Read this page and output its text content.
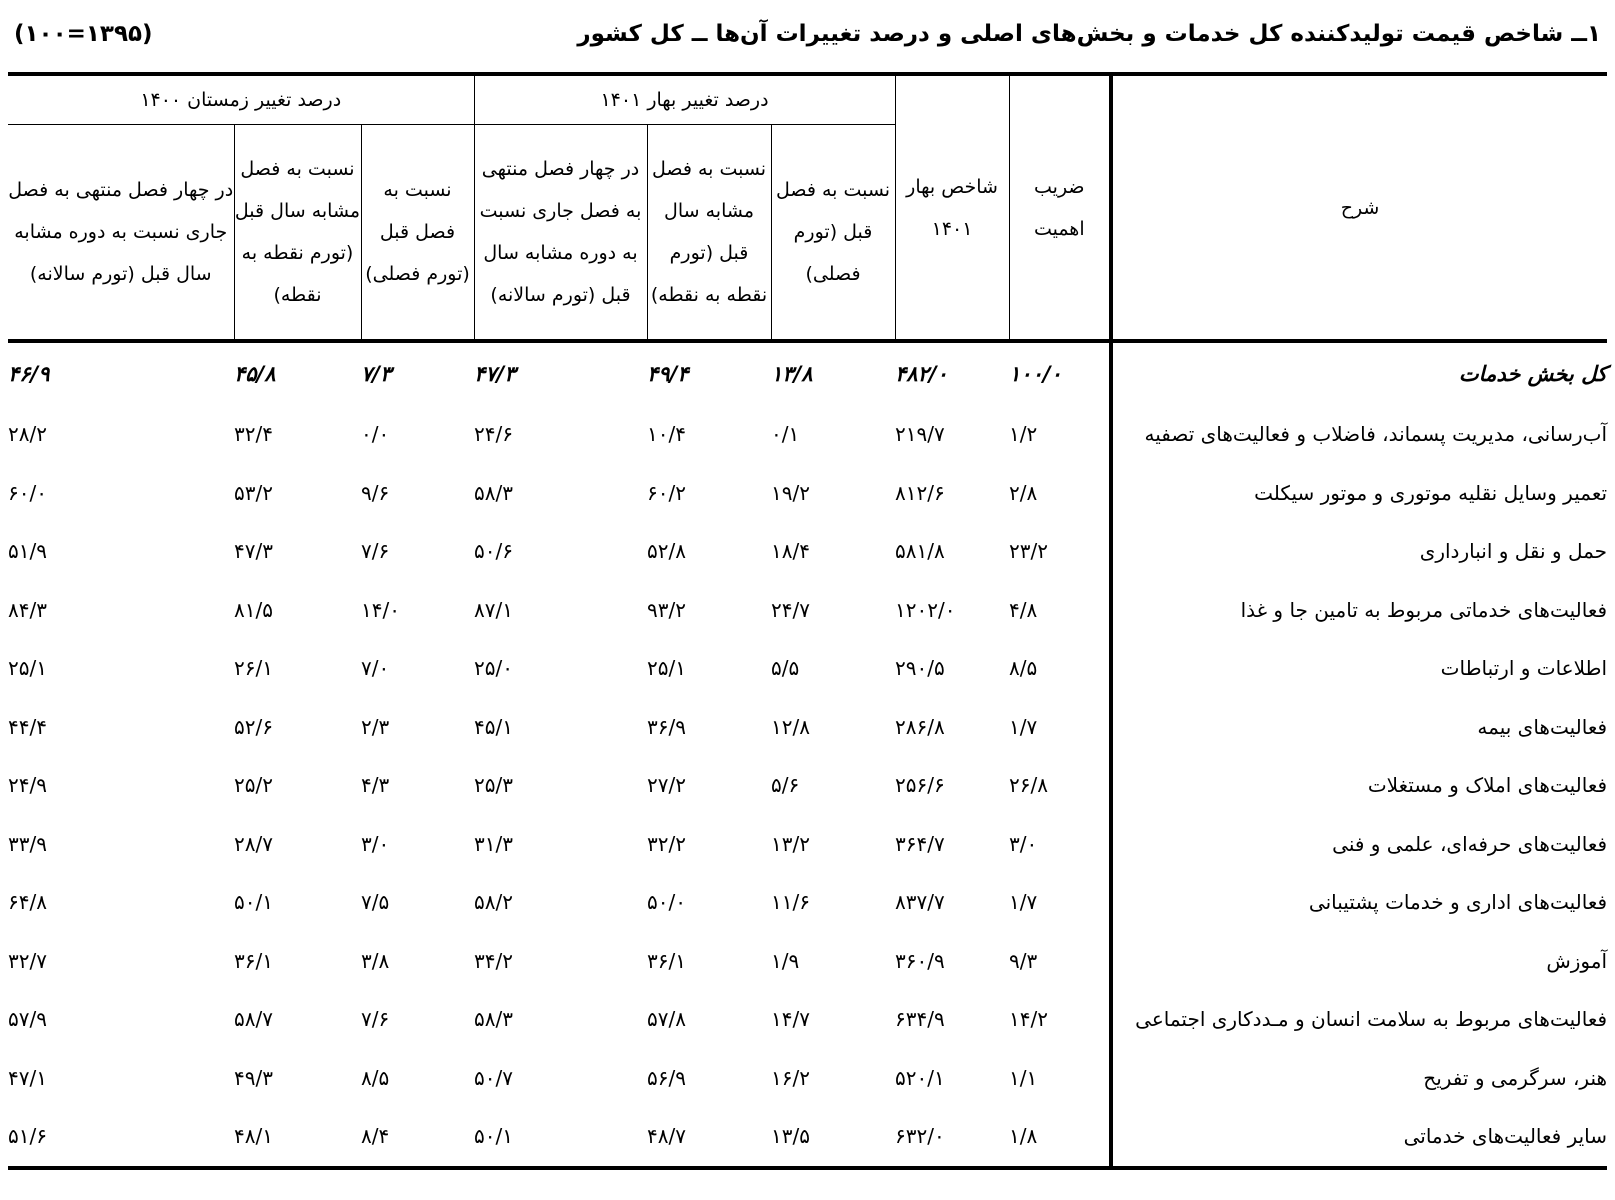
۱ــ شاخص قیمت تولیدکننده کل خدمات و بخش‌های اصلی و درصد تغییرات آن‌ها ــ کل کشور
(۱۰۰=۱۳۹۵)
شرح	ضریب اهمیت	شاخص بهار ۱۴۰۱	درصد تغییر بهار ۱۴۰۱			درصد تغییر زمستان ۱۴۰۰		
			نسبت به فصل قبل (تورم فصلی)	نسبت به فصل مشابه سال قبل (تورم نقطه به نقطه)	در چهار فصل منتهی به فصل جاری نسبت به دوره مشابه سال قبل (تورم سالانه)	نسبت به فصل قبل (تورم فصلی)	نسبت به فصل مشابه سال قبل (تورم نقطه به نقطه)	در چهار فصل منتهی به فصل جاری نسبت به دوره مشابه سال قبل (تورم سالانه)
کل بخش خدمات	۱۰۰/۰	۴۸۲/۰	۱۳/۸	۴۹/۴	۴۷/۳	۷/۳	۴۵/۸	۴۶/۹
آب‌رسانی، مدیریت پسماند، فاضلاب و فعالیت‌های تصفیه	۱/۲	۲۱۹/۷	۰/۱	۱۰/۴	۲۴/۶	۰/۰	۳۲/۴	۲۸/۲
تعمیر وسایل نقلیه موتوری و موتور سیکلت	۲/۸	۸۱۲/۶	۱۹/۲	۶۰/۲	۵۸/۳	۹/۶	۵۳/۲	۶۰/۰
حمل و نقل و انبارداری	۲۳/۲	۵۸۱/۸	۱۸/۴	۵۲/۸	۵۰/۶	۷/۶	۴۷/۳	۵۱/۹
فعالیت‌های خدماتی مربوط به تامین جا و غذا	۴/۸	۱۲۰۲/۰	۲۴/۷	۹۳/۲	۸۷/۱	۱۴/۰	۸۱/۵	۸۴/۳
اطلاعات و ارتباطات	۸/۵	۲۹۰/۵	۵/۵	۲۵/۱	۲۵/۰	۷/۰	۲۶/۱	۲۵/۱
فعالیت‌های بیمه	۱/۷	۲۸۶/۸	۱۲/۸	۳۶/۹	۴۵/۱	۲/۳	۵۲/۶	۴۴/۴
فعالیت‌های املاک و مستغلات	۲۶/۸	۲۵۶/۶	۵/۶	۲۷/۲	۲۵/۳	۴/۳	۲۵/۲	۲۴/۹
فعالیت‌های حرفه‌ای، علمی و فنی	۳/۰	۳۶۴/۷	۱۳/۲	۳۲/۲	۳۱/۳	۳/۰	۲۸/۷	۳۳/۹
فعالیت‌های اداری و خدمات پشتیبانی	۱/۷	۸۳۷/۷	۱۱/۶	۵۰/۰	۵۸/۲	۷/۵	۵۰/۱	۶۴/۸
آموزش	۹/۳	۳۶۰/۹	۱/۹	۳۶/۱	۳۴/۲	۳/۸	۳۶/۱	۳۲/۷
فعالیت‌های مربوط به سلامت انسان و مـددکاری اجتماعی	۱۴/۲	۶۳۴/۹	۱۴/۷	۵۷/۸	۵۸/۳	۷/۶	۵۸/۷	۵۷/۹
هنر، سرگرمی و تفریح	۱/۱	۵۲۰/۱	۱۶/۲	۵۶/۹	۵۰/۷	۸/۵	۴۹/۳	۴۷/۱
سایر فعالیت‌های خدماتی	۱/۸	۶۳۲/۰	۱۳/۵	۴۸/۷	۵۰/۱	۸/۴	۴۸/۱	۵۱/۶
